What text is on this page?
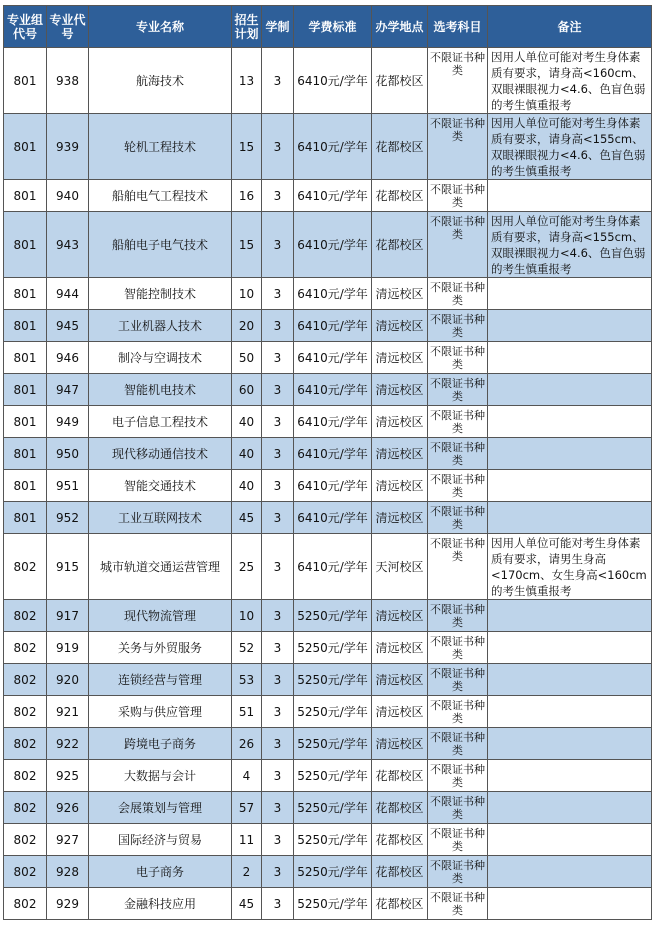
专业组代号	专业代号	专业名称	招生计划	学制	学费标准	办学地点	选考科目	备注
801	938	航海技术	13	3	6410元/学年	花都校区	不限证书种类	因用人单位可能对考生身体素质有要求，请身高<160cm、双眼裸眼视力<4.6、色盲色弱的考生慎重报考
801	939	轮机工程技术	15	3	6410元/学年	花都校区	不限证书种类	因用人单位可能对考生身体素质有要求，请身高<155cm、双眼裸眼视力<4.6、色盲色弱的考生慎重报考
801	940	船舶电气工程技术	16	3	6410元/学年	花都校区	不限证书种类	
801	943	船舶电子电气技术	15	3	6410元/学年	花都校区	不限证书种类	因用人单位可能对考生身体素质有要求，请身高<155cm、双眼裸眼视力<4.6、色盲色弱的考生慎重报考
801	944	智能控制技术	10	3	6410元/学年	清远校区	不限证书种类	
801	945	工业机器人技术	20	3	6410元/学年	清远校区	不限证书种类	
801	946	制冷与空调技术	50	3	6410元/学年	清远校区	不限证书种类	
801	947	智能机电技术	60	3	6410元/学年	清远校区	不限证书种类	
801	949	电子信息工程技术	40	3	6410元/学年	清远校区	不限证书种类	
801	950	现代移动通信技术	40	3	6410元/学年	清远校区	不限证书种类	
801	951	智能交通技术	40	3	6410元/学年	清远校区	不限证书种类	
801	952	工业互联网技术	45	3	6410元/学年	清远校区	不限证书种类	
802	915	城市轨道交通运营管理	25	3	6410元/学年	天河校区	不限证书种类	因用人单位可能对考生身体素质有要求，请男生身高<170cm、女生身高<160cm的考生慎重报考
802	917	现代物流管理	10	3	5250元/学年	清远校区	不限证书种类	
802	919	关务与外贸服务	52	3	5250元/学年	清远校区	不限证书种类	
802	920	连锁经营与管理	53	3	5250元/学年	清远校区	不限证书种类	
802	921	采购与供应管理	51	3	5250元/学年	清远校区	不限证书种类	
802	922	跨境电子商务	26	3	5250元/学年	清远校区	不限证书种类	
802	925	大数据与会计	4	3	5250元/学年	花都校区	不限证书种类	
802	926	会展策划与管理	57	3	5250元/学年	花都校区	不限证书种类	
802	927	国际经济与贸易	11	3	5250元/学年	花都校区	不限证书种类	
802	928	电子商务	2	3	5250元/学年	花都校区	不限证书种类	
802	929	金融科技应用	45	3	5250元/学年	花都校区	不限证书种类	
